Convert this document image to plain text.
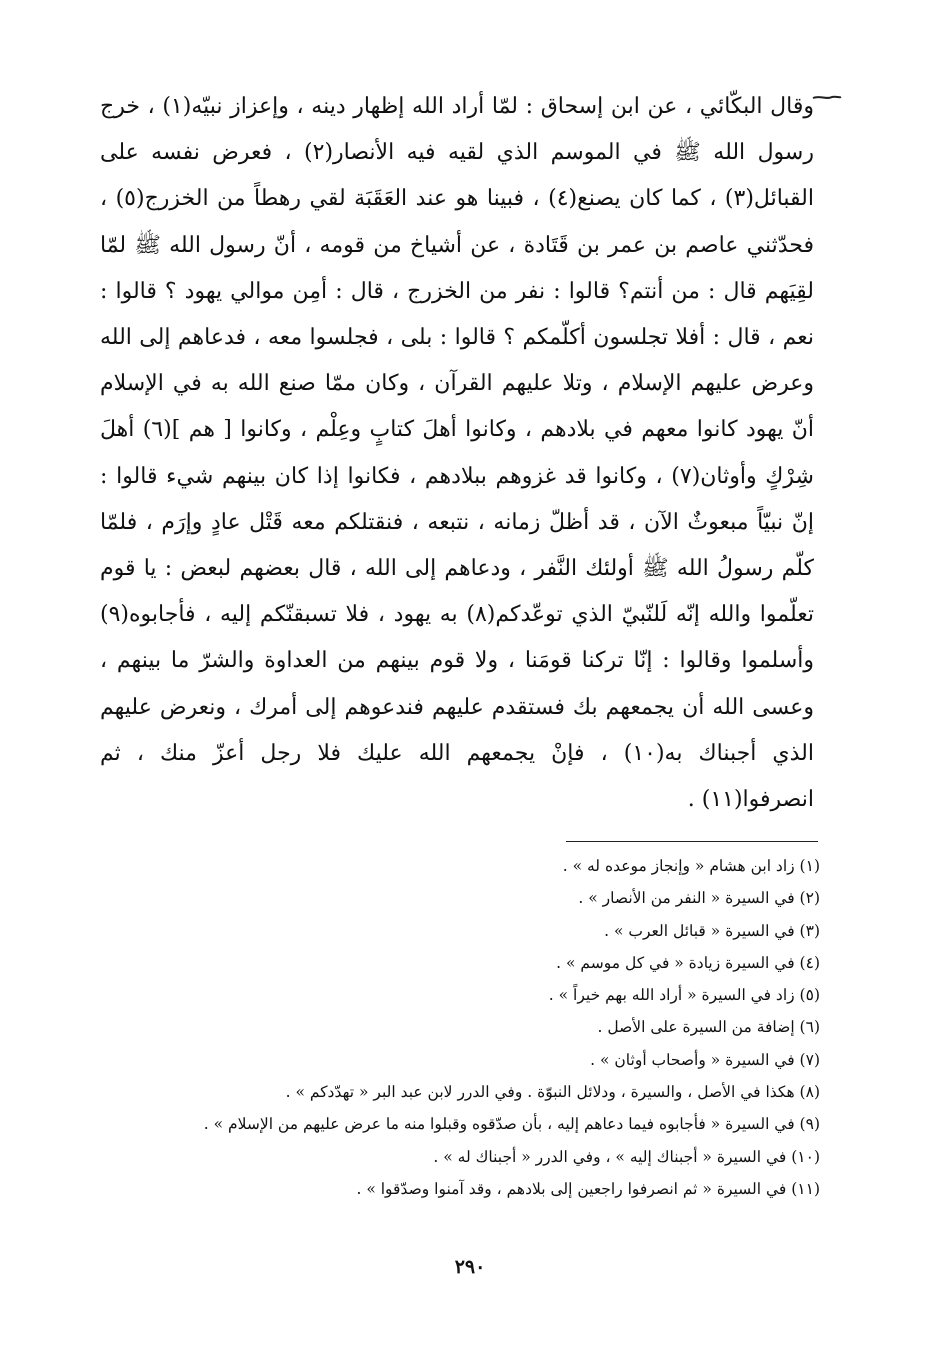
وقال البكّائي ، عن ابن إسحاق : لمّا أراد الله إظهار دينه ، وإعزاز نبيّه(١) ، خرج رسول الله ﷺ في الموسم الذي لقيه فيه الأنصار(٢) ، فعرض نفسه على القبائل(٣) ، كما كان يصنع(٤) ، فبينا هو عند العَقَبَة لقي رهطاً من الخزرج(٥) ، فحدّثني عاصم بن عمر بن قَتَادة ، عن أشياخ من قومه ، أنّ رسول الله ﷺ لمّا لقِيَهم قال : من أنتم؟ قالوا : نفر من الخزرج ، قال : أمِن موالي يهود ؟ قالوا : نعم ، قال : أفلا تجلسون أكلّمكم ؟ قالوا : بلى ، فجلسوا معه ، فدعاهم إلى الله وعرض عليهم الإسلام ، وتلا عليهم القرآن ، وكان ممّا صنع الله به في الإسلام أنّ يهود كانوا معهم في بلادهم ، وكانوا أهلَ كتابٍ وعِلْم ، وكانوا [ هم ](٦) أهلَ شِرْكٍ وأوثان(٧) ، وكانوا قد غزوهم ببلادهم ، فكانوا إذا كان بينهم شيء قالوا : إنّ نبيّاً مبعوثٌ الآن ، قد أظلّ زمانه ، نتبعه ، فنقتلكم معه قَتْل عادٍ وإرَم ، فلمّا كلّم رسولُ الله ﷺ أولئك النَّفر ، ودعاهم إلى الله ، قال بعضهم لبعض : يا قوم تعلّموا والله إنّه لَلنّبيّ الذي توعّدكم(٨) به يهود ، فلا تسبقنّكم إليه ، فأجابوه(٩) وأسلموا وقالوا : إنّا تركنا قومَنا ، ولا قوم بينهم من العداوة والشرّ ما بينهم ، وعسى الله أن يجمعهم بك فستقدم عليهم فندعوهم إلى أمرك ، ونعرض عليهم الذي أجبناك به(١٠) ، فإنْ يجمعهم الله عليك فلا رجل أعزّ منك ، ثم انصرفوا(١١) .

(١) زاد ابن هشام « وإنجاز موعده له » .
(٢) في السيرة « النفر من الأنصار » .
(٣) في السيرة « قبائل العرب » .
(٤) في السيرة زيادة « في كل موسم » .
(٥) زاد في السيرة « أراد الله بهم خيراً » .
(٦) إضافة من السيرة على الأصل .
(٧) في السيرة « وأصحاب أوثان » .
(٨) هكذا في الأصل ، والسيرة ، ودلائل النبوّة . وفي الدرر لابن عبد البر « تهدّدكم » .
(٩) في السيرة « فأجابوه فيما دعاهم إليه ، بأن صدّقوه وقبلوا منه ما عرض عليهم من الإسلام » .
(١٠) في السيرة « أجبناك إليه » ، وفي الدرر « أجبناك له » .
(١١) في السيرة « ثم انصرفوا راجعين إلى بلادهم ، وقد آمنوا وصدّقوا » .
٢٩٠
